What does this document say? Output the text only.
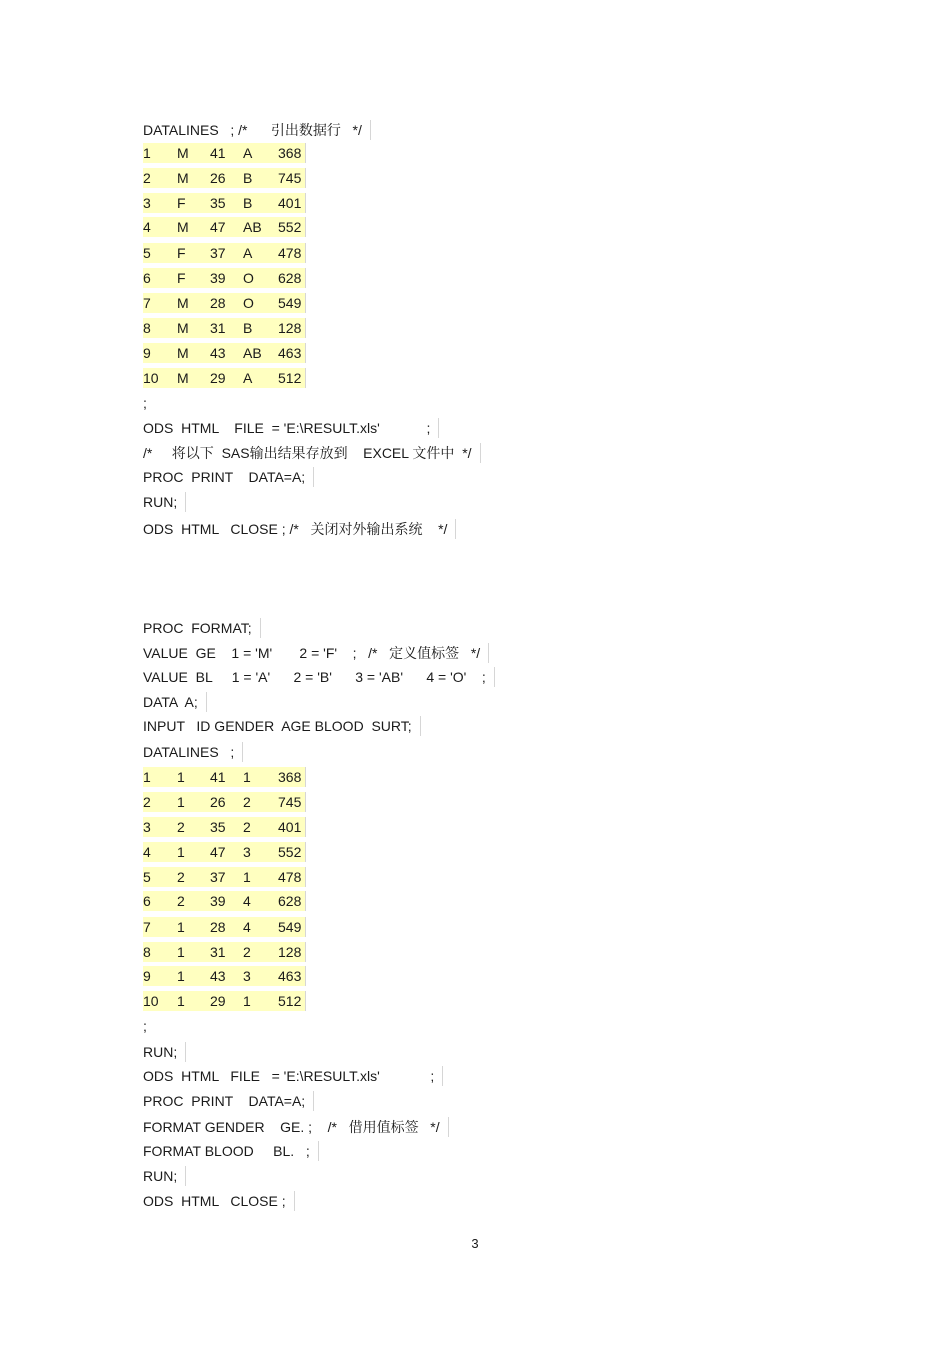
DATALINES   ; /*      引出数据行   */
1 M 41 A 368
2 M 26 B 745
3 F 35 B 401
4 M 47 AB 552
5 F 37 A 478
6 F 39 O 628
7 M 28 O 549
8 M 31 B 128
9 M 43 AB 463
10 M 29 A 512
;
ODS  HTML    FILE  = 'E:\RESULT.xls'            ;
/*     将以下  SAS输出结果存放到    EXCEL 文件中  */
PROC  PRINT    DATA=A;
RUN;
ODS  HTML   CLOSE ; /*   关闭对外输出系统    */
PROC  FORMAT;
VALUE  GE    1 = 'M'       2 = 'F'    ;   /*   定义值标签   */
VALUE  BL     1 = 'A'      2 = 'B'      3 = 'AB'      4 = 'O'    ;
DATA  A;
INPUT   ID GENDER  AGE BLOOD  SURT;
DATALINES   ;
1 1 41 1 368
2 1 26 2 745
3 2 35 2 401
4 1 47 3 552
5 2 37 1 478
6 2 39 4 628
7 1 28 4 549
8 1 31 2 128
9 1 43 3 463
10 1 29 1 512
;
RUN;
ODS  HTML   FILE   = 'E:\RESULT.xls'             ;
PROC  PRINT    DATA=A;
FORMAT GENDER    GE. ;    /*   借用值标签   */
FORMAT BLOOD     BL.   ;
RUN;
ODS  HTML   CLOSE ;
3
